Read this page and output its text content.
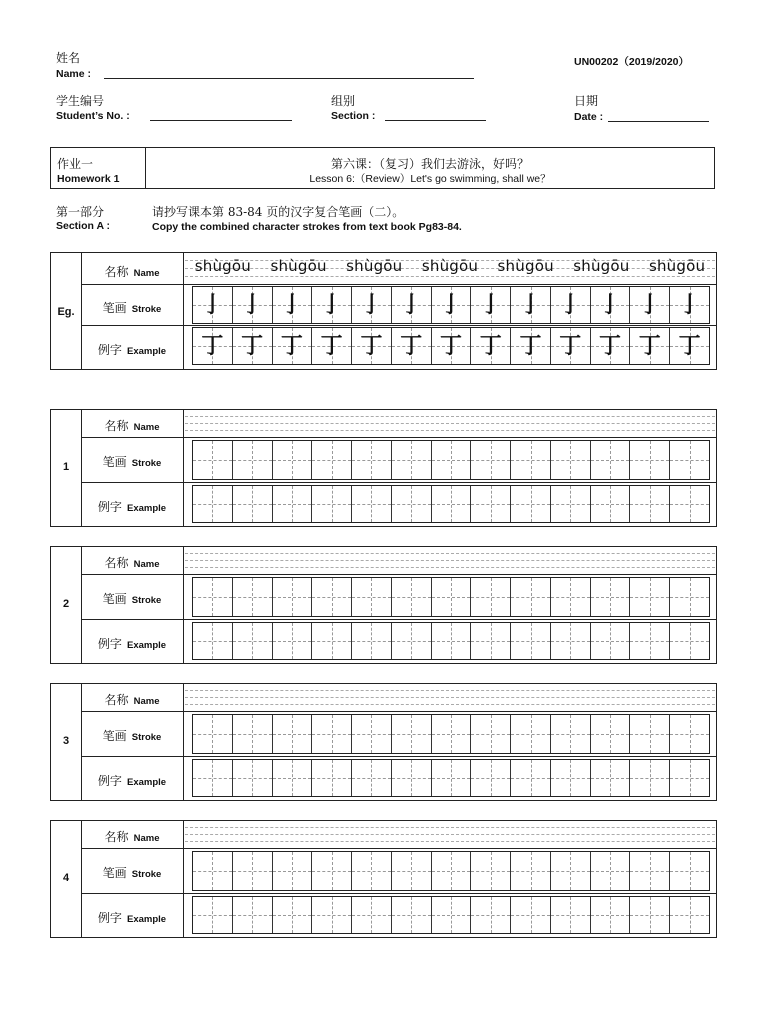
姓名
Name :
UN00202（2019/2020）
学生编号
Student’s No. :
组别
Section :
日期
Date :
作业一
Homework 1
第六课：（复习）我们去游泳，好吗？
Lesson 6:（Review）Let's go swimming, shall we？
第一部分
Section A :
请抄写课本第 83-84 页的汉字复合笔画（二）。
Copy the combined character strokes from text book Pg83-84.
Eg.
名称 Name
笔画 Stroke
例字 Example
shùgōu shùgōu shùgōu shùgōu shùgōu shùgōu shùgōu
亅 亅 亅 亅 亅 亅 亅 亅 亅 亅 亅 亅 亅
丁 丁 丁 丁 丁 丁 丁 丁 丁 丁 丁 丁 丁
1
名称 Name
笔画 Stroke
例字 Example
2
名称 Name
笔画 Stroke
例字 Example
3
名称 Name
笔画 Stroke
例字 Example
4
名称 Name
笔画 Stroke
例字 Example
